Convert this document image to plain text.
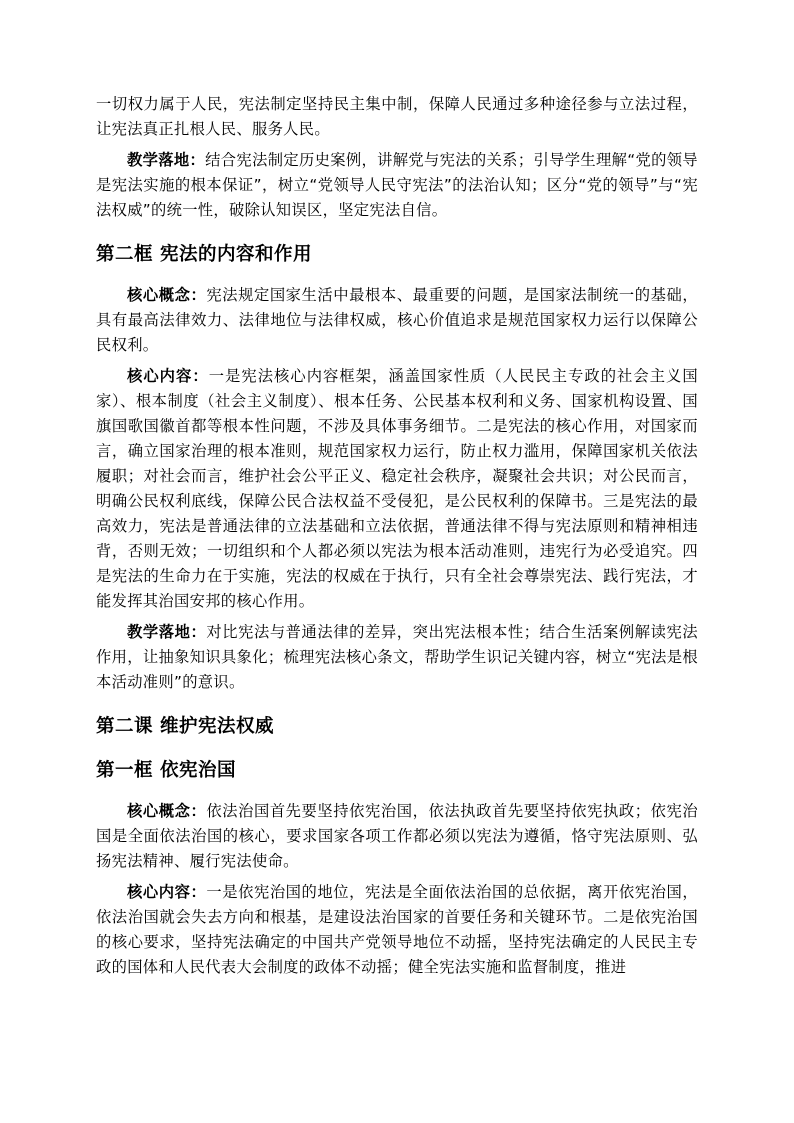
一切权力属于人民，宪法制定坚持民主集中制，保障人民通过多种途径参与立法过程，让宪法真正扎根人民、服务人民。

教学落地：结合宪法制定历史案例，讲解党与宪法的关系；引导学生理解“党的领导是宪法实施的根本保证”，树立“党领导人民守宪法”的法治认知；区分“党的领导”与“宪法权威”的统一性，破除认知误区，坚定宪法自信。

第二框 宪法的内容和作用

核心概念：宪法规定国家生活中最根本、最重要的问题，是国家法制统一的基础，具有最高法律效力、法律地位与法律权威，核心价值追求是规范国家权力运行以保障公民权利。

核心内容：一是宪法核心内容框架，涵盖国家性质（人民民主专政的社会主义国家）、根本制度（社会主义制度）、根本任务、公民基本权利和义务、国家机构设置、国旗国歌国徽首都等根本性问题，不涉及具体事务细节。二是宪法的核心作用，对国家而言，确立国家治理的根本准则，规范国家权力运行，防止权力滥用，保障国家机关依法履职；对社会而言，维护社会公平正义、稳定社会秩序，凝聚社会共识；对公民而言，明确公民权利底线，保障公民合法权益不受侵犯，是公民权利的保障书。三是宪法的最高效力，宪法是普通法律的立法基础和立法依据，普通法律不得与宪法原则和精神相违背，否则无效；一切组织和个人都必须以宪法为根本活动准则，违宪行为必受追究。四是宪法的生命力在于实施，宪法的权威在于执行，只有全社会尊崇宪法、践行宪法，才能发挥其治国安邦的核心作用。

教学落地：对比宪法与普通法律的差异，突出宪法根本性；结合生活案例解读宪法作用，让抽象知识具象化；梳理宪法核心条文，帮助学生识记关键内容，树立“宪法是根本活动准则”的意识。

第二课 维护宪法权威
第一框 依宪治国

核心概念：依法治国首先要坚持依宪治国，依法执政首先要坚持依宪执政；依宪治国是全面依法治国的核心，要求国家各项工作都必须以宪法为遵循，恪守宪法原则、弘扬宪法精神、履行宪法使命。

核心内容：一是依宪治国的地位，宪法是全面依法治国的总依据，离开依宪治国，依法治国就会失去方向和根基，是建设法治国家的首要任务和关键环节。二是依宪治国的核心要求，坚持宪法确定的中国共产党领导地位不动摇，坚持宪法确定的人民民主专政的国体和人民代表大会制度的政体不动摇；健全宪法实施和监督制度，推进
